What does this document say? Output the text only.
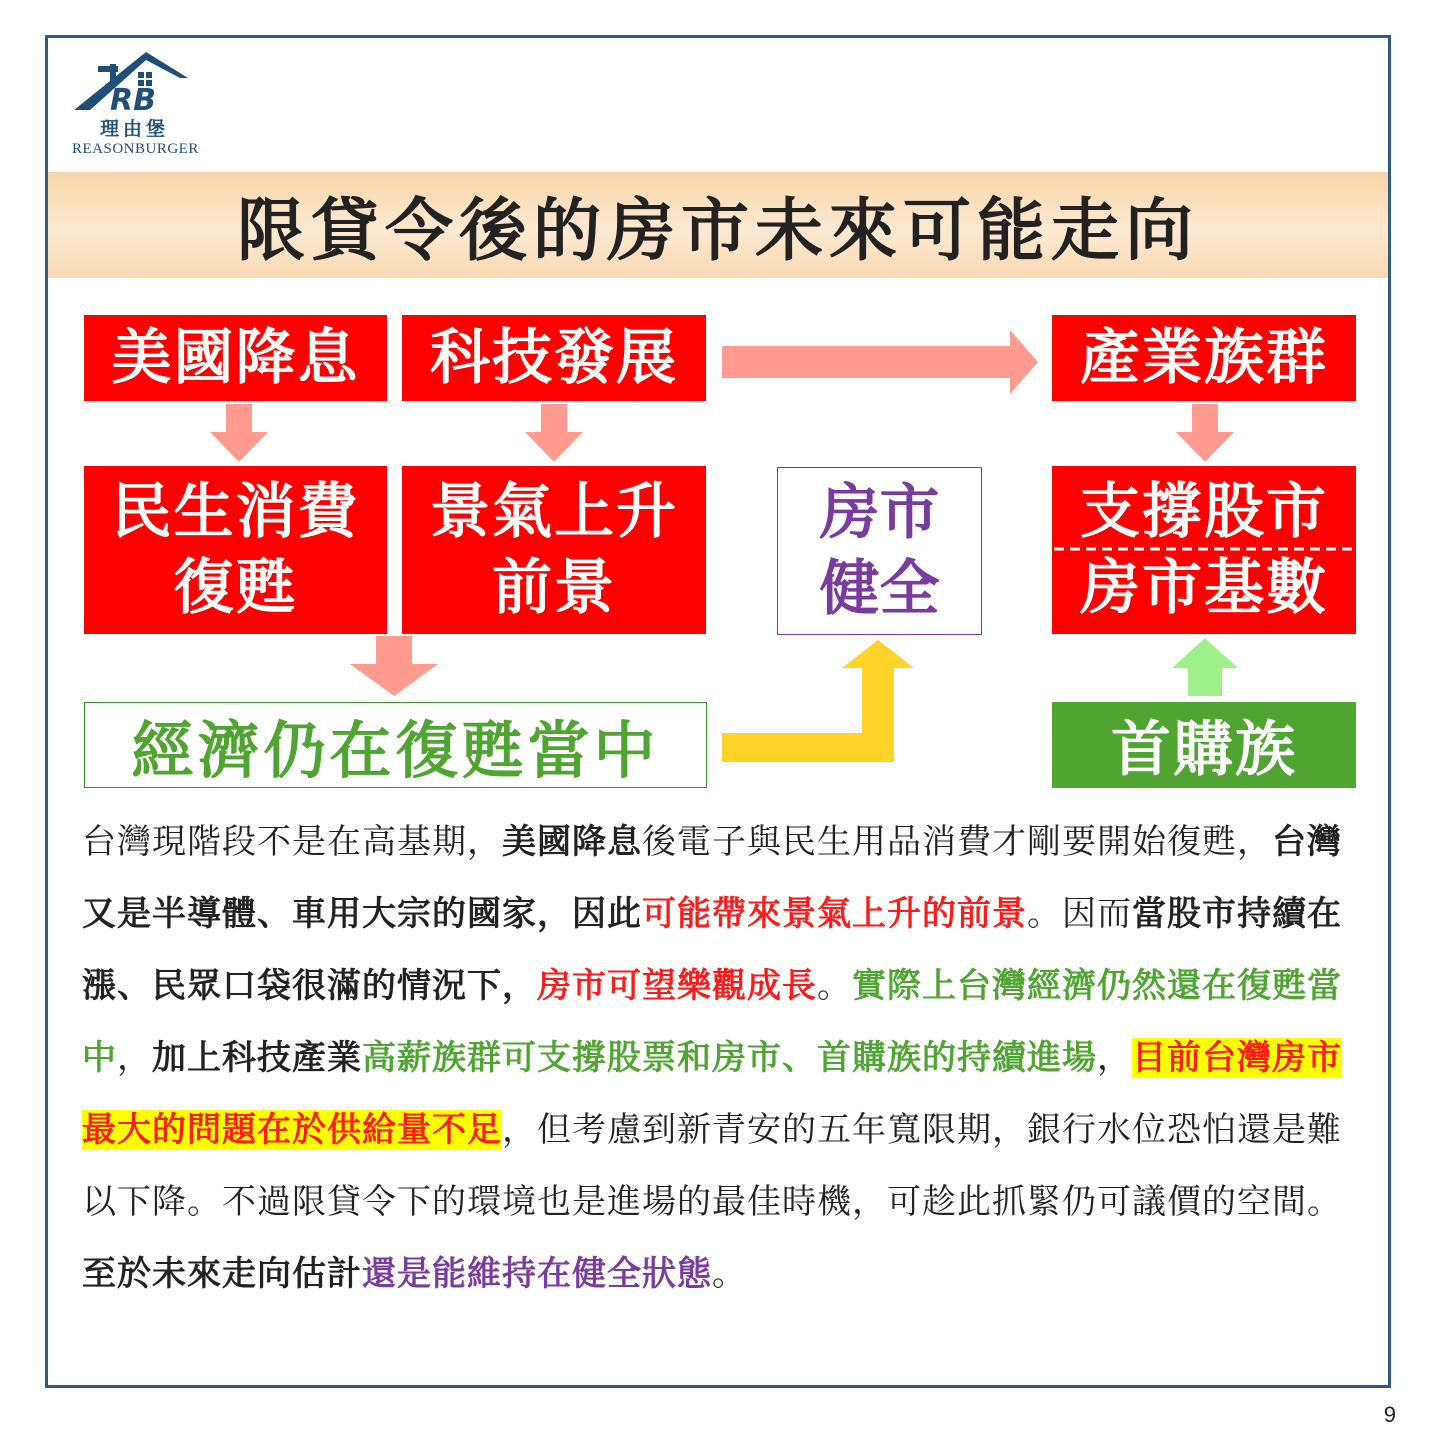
RB
理由堡
REASONBURGER
限貸令後的房市未來可能走向
美國降息 科技發展	產業族群
民生消費
復甦
景氣上升
前景
房市
健全
支撐股市
房市基數
經濟仍在復甦當中	首購族
台灣現階段不是在高基期，美國降息後電子與民生用品消費才剛要開始復甦，台灣又是半導體、車用大宗的國家，因此可能帶來景氣上升的前景。因而當股市持續在漲、民眾口袋很滿的情況下，房市可望樂觀成長。實際上台灣經濟仍然還在復甦當中，加上科技產業高薪族群可支撐股票和房市、首購族的持續進場，目前台灣房市最大的問題在於供給量不足，但考慮到新青安的五年寬限期，銀行水位恐怕還是難以下降。不過限貸令下的環境也是進場的最佳時機，可趁此抓緊仍可議價的空間。至於未來走向估計還是能維持在健全狀態。
9
